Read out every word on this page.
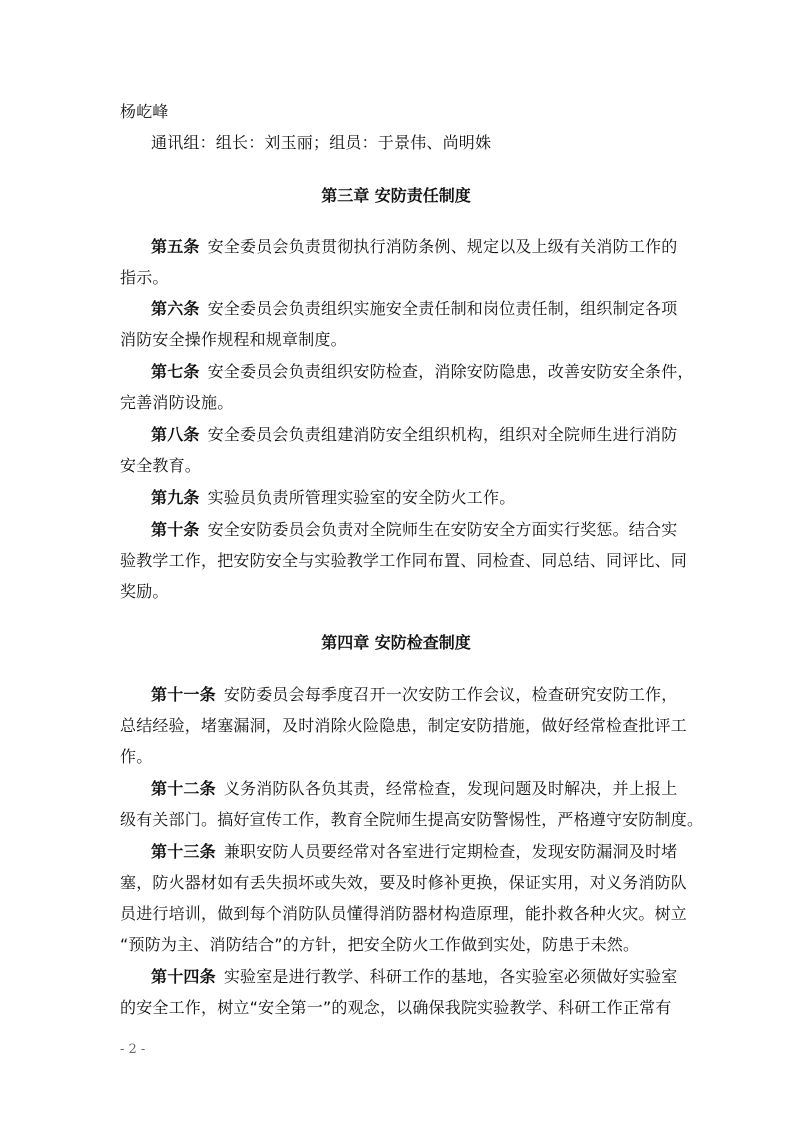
杨屹峰
通讯组：组长：刘玉丽；组员：于景伟、尚明姝
第三章 安防责任制度
第五条 安全委员会负责贯彻执行消防条例、规定以及上级有关消防工作的
指示。
第六条 安全委员会负责组织实施安全责任制和岗位责任制，组织制定各项
消防安全操作规程和规章制度。
第七条 安全委员会负责组织安防检查，消除安防隐患，改善安防安全条件，
完善消防设施。
第八条 安全委员会负责组建消防安全组织机构，组织对全院师生进行消防
安全教育。
第九条 实验员负责所管理实验室的安全防火工作。
第十条 安全安防委员会负责对全院师生在安防安全方面实行奖惩。结合实
验教学工作，把安防安全与实验教学工作同布置、同检查、同总结、同评比、同
奖励。
第四章 安防检查制度
第十一条 安防委员会每季度召开一次安防工作会议，检查研究安防工作，
总结经验，堵塞漏洞，及时消除火险隐患，制定安防措施，做好经常检查批评工
作。
第十二条 义务消防队各负其责，经常检查，发现问题及时解决，并上报上
级有关部门。搞好宣传工作，教育全院师生提高安防警惕性，严格遵守安防制度。
第十三条 兼职安防人员要经常对各室进行定期检查，发现安防漏洞及时堵
塞，防火器材如有丢失损坏或失效，要及时修补更换，保证实用，对义务消防队
员进行培训，做到每个消防队员懂得消防器材构造原理，能扑救各种火灾。树立
“预防为主、消防结合”的方针，把安全防火工作做到实处，防患于未然。
第十四条 实验室是进行教学、科研工作的基地，各实验室必须做好实验室
的安全工作，树立“安全第一”的观念，以确保我院实验教学、科研工作正常有
- 2 -
